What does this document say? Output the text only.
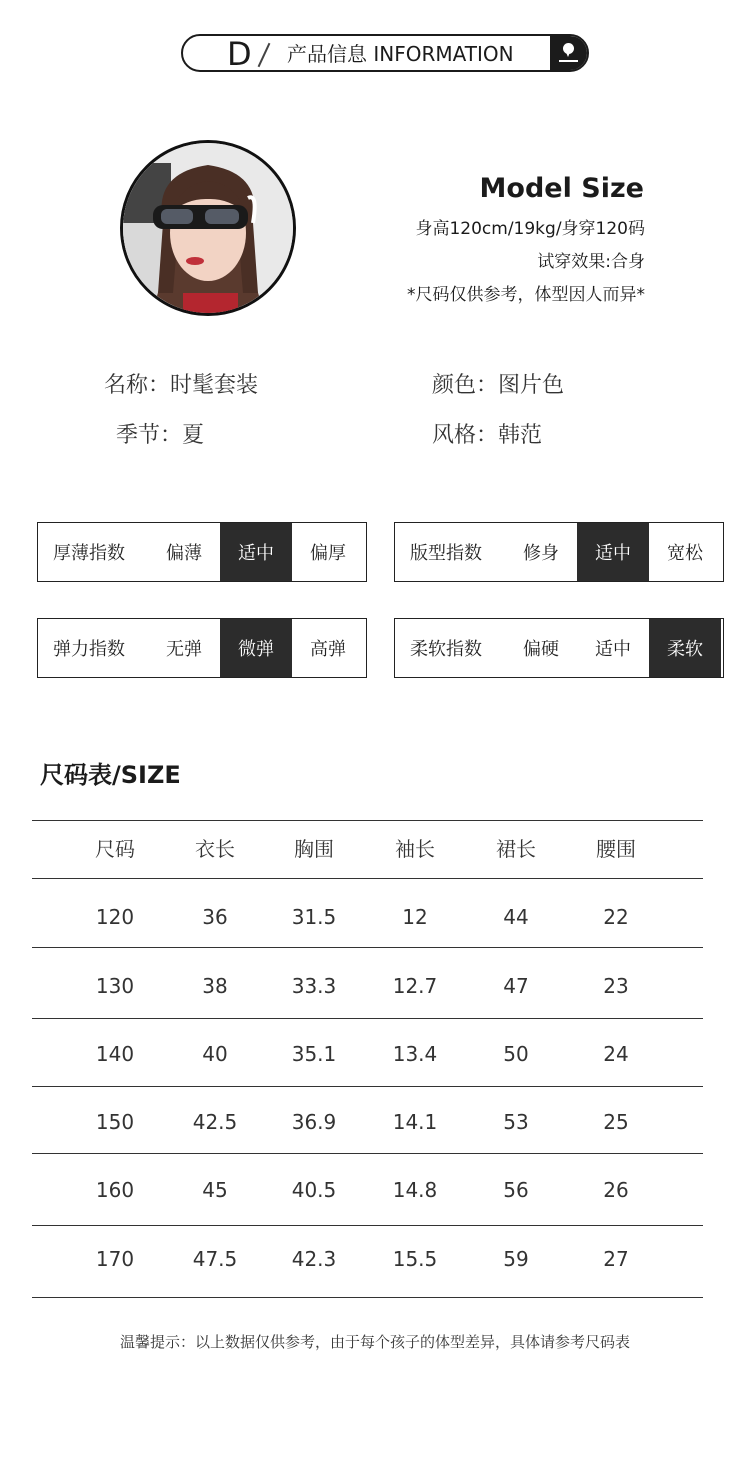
D 产品信息 INFORMATION
Model Size
身高120cm/19kg/身穿120码
试穿效果:合身
*尺码仅供参考，体型因人而异*
名称：时髦套装	颜色：图片色
季节：夏	风格：韩范
厚薄指数	偏薄	适中	偏厚	版型指数	修身	适中	宽松
弹力指数	无弹	微弹	高弹	柔软指数	偏硬	适中	柔软
尺码表/SIZE
尺码	衣长	胸围	袖长	裙长	腰围
120	36	31.5	12	44	22
130	38	33.3	12.7	47	23
140	40	35.1	13.4	50	24
150	42.5	36.9	14.1	53	25
160	45	40.5	14.8	56	26
170	47.5	42.3	15.5	59	27
温馨提示：以上数据仅供参考，由于每个孩子的体型差异，具体请参考尺码表
